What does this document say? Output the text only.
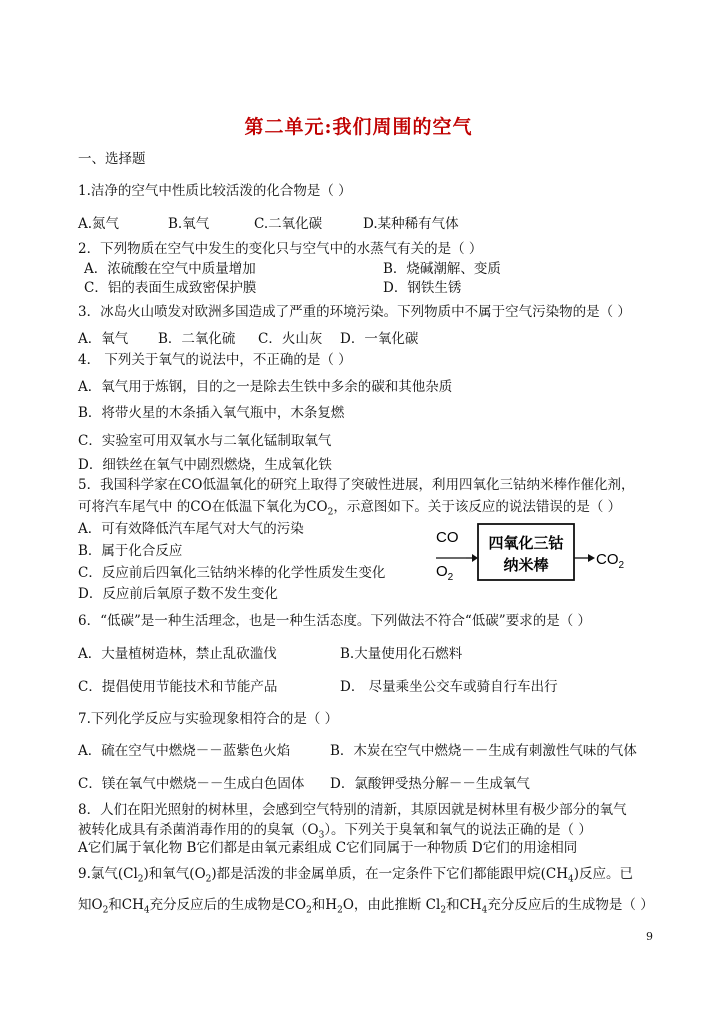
第二单元:我们周围的空气
一、选择题
1.洁净的空气中性质比较活泼的化合物是（ ）
A.氮气	B.氧气	C.二氧化碳	D.某种稀有气体
2．下列物质在空气中发生的变化只与空气中的水蒸气有关的是（ ）
A．浓硫酸在空气中质量增加	B．烧碱潮解、变质
C．铝的表面生成致密保护膜	D．钢铁生锈
3．冰岛火山喷发对欧洲多国造成了严重的环境污染。下列物质中不属于空气污染物的是（ ）
A．氧气 B．二氧化硫 C．火山灰 D．一氧化碳
4． 下列关于氧气的说法中，不正确的是（ ）
A．氧气用于炼钢，目的之一是除去生铁中多余的碳和其他杂质
B．将带火星的木条插入氧气瓶中，木条复燃
C．实验室可用双氧水与二氧化锰制取氧气
D．细铁丝在氧气中剧烈燃烧，生成氧化铁
5．我国科学家在CO低温氧化的研究上取得了突破性进展，利用四氧化三钴纳米棒作催化剂，
可将汽车尾气中 的CO在低温下氧化为$CO_2$，示意图如下。关于该反应的说法错误的是（ ）
A．可有效降低汽车尾气对大气的污染
B．属于化合反应
C．反应前后四氧化三钴纳米棒的化学性质发生变化
D．反应前后氧原子数不发生变化
CO
$O_2$
四氧化三钴
纳米棒	$CO_2$
6．“低碳”是一种生活理念，也是一种生活态度。下列做法不符合“低碳”要求的是（ ）
A．大量植树造林，禁止乱砍滥伐	B.大量使用化石燃料
C．提倡使用节能技术和节能产品	D． 尽量乘坐公交车或骑自行车出行
7.下列化学反应与实验现象相符合的是（ ）
A．硫在空气中燃烧－－蓝紫色火焰	B．木炭在空气中燃烧－－生成有刺激性气味的气体
C．镁在氧气中燃烧－－生成白色固体 D．氯酸钾受热分解－－生成氧气
8．人们在阳光照射的树林里，会感到空气特别的清新，其原因就是树林里有极少部分的氧气
被转化成具有杀菌消毒作用的的臭氧$(O_3)$。下列关于臭氧和氧气的说法正确的是（ ）
A它们属于氧化物 B它们都是由氧元素组成 C它们同属于一种物质 D它们的用途相同
9.氯气$(Cl_2)$和氧气$(O_2)$都是活泼的非金属单质，在一定条件下它们都能跟甲烷$(CH_4)$反应。已
知$O_2$和$CH_4$充分反应后的生成物是$CO_2$和$H_2O$，由此推断 $Cl_2$和$CH_4$充分反应后的生成物是（ ）
9
